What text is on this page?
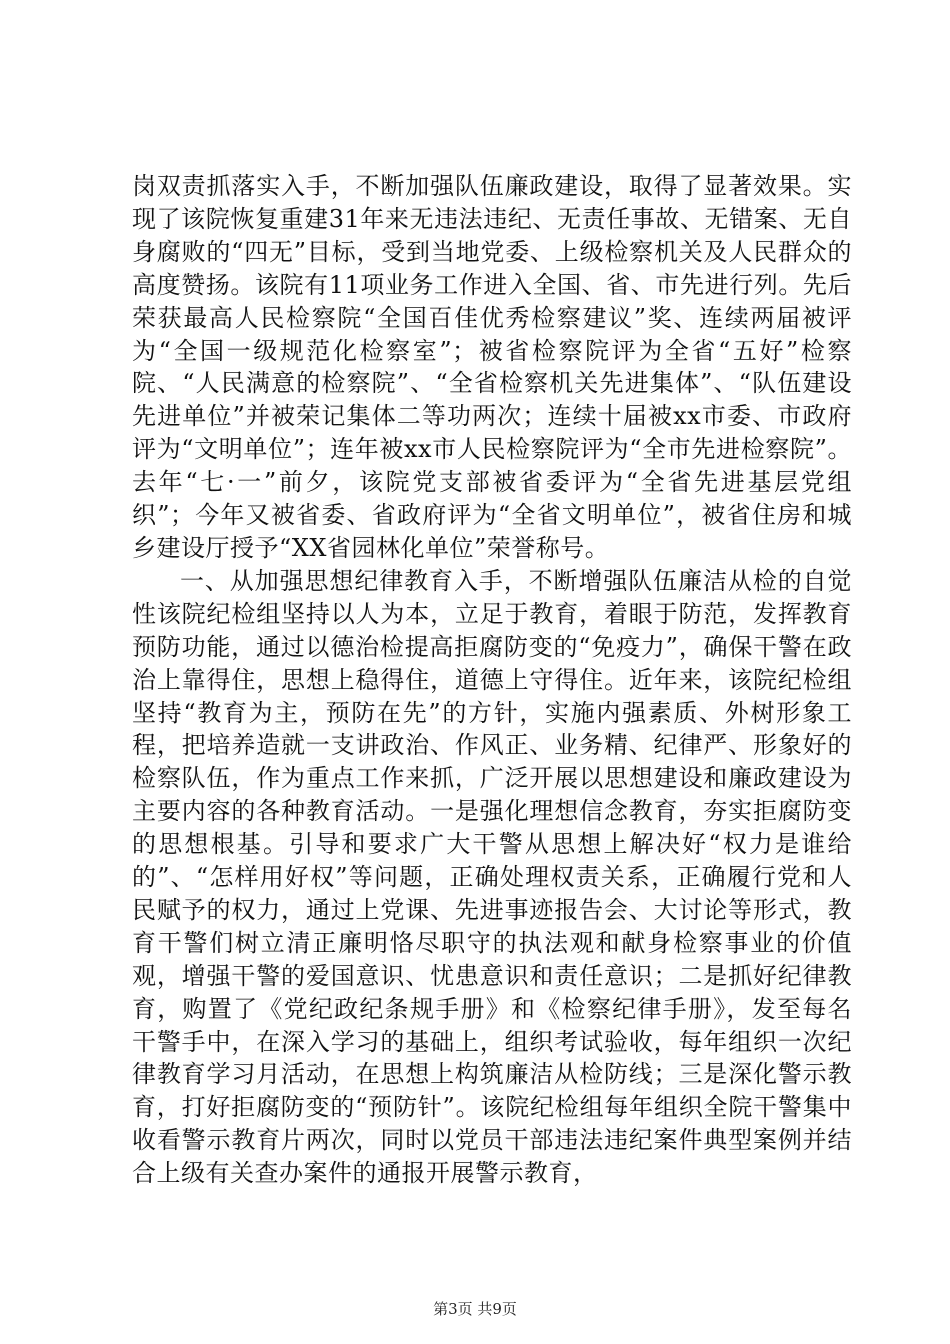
岗双责抓落实入手，不断加强队伍廉政建设，取得了显著效果。实现了该院恢复重建31年来无违法违纪、无责任事故、无错案、无自身腐败的“四无”目标，受到当地党委、上级检察机关及人民群众的高度赞扬。该院有11项业务工作进入全国、省、市先进行列。先后荣获最高人民检察院“全国百佳优秀检察建议”奖、连续两届被评为“全国一级规范化检察室”；被省检察院评为全省“五好”检察院、“人民满意的检察院”、“全省检察机关先进集体”、“队伍建设先进单位”并被荣记集体二等功两次；连续十届被xx市委、市政府评为“文明单位”；连年被xx市人民检察院评为“全市先进检察院”。去年“七·一”前夕，该院党支部被省委评为“全省先进基层党组织”；今年又被省委、省政府评为“全省文明单位”，被省住房和城乡建设厅授予“XX省园林化单位”荣誉称号。

一、从加强思想纪律教育入手，不断增强队伍廉洁从检的自觉性该院纪检组坚持以人为本，立足于教育，着眼于防范，发挥教育预防功能，通过以德治检提高拒腐防变的“免疫力”，确保干警在政治上靠得住，思想上稳得住，道德上守得住。近年来，该院纪检组坚持“教育为主，预防在先”的方针，实施内强素质、外树形象工程，把培养造就一支讲政治、作风正、业务精、纪律严、形象好的检察队伍，作为重点工作来抓，广泛开展以思想建设和廉政建设为主要内容的各种教育活动。一是强化理想信念教育，夯实拒腐防变的思想根基。引导和要求广大干警从思想上解决好“权力是谁给的”、“怎样用好权”等问题，正确处理权责关系，正确履行党和人民赋予的权力，通过上党课、先进事迹报告会、大讨论等形式，教育干警们树立清正廉明恪尽职守的执法观和献身检察事业的价值观，增强干警的爱国意识、忧患意识和责任意识；二是抓好纪律教育，购置了《党纪政纪条规手册》和《检察纪律手册》，发至每名干警手中，在深入学习的基础上，组织考试验收，每年组织一次纪律教育学习月活动，在思想上构筑廉洁从检防线；三是深化警示教育，打好拒腐防变的“预防针”。该院纪检组每年组织全院干警集中收看警示教育片两次，同时以党员干部违法违纪案件典型案例并结合上级有关查办案件的通报开展警示教育，

第3页 共9页
